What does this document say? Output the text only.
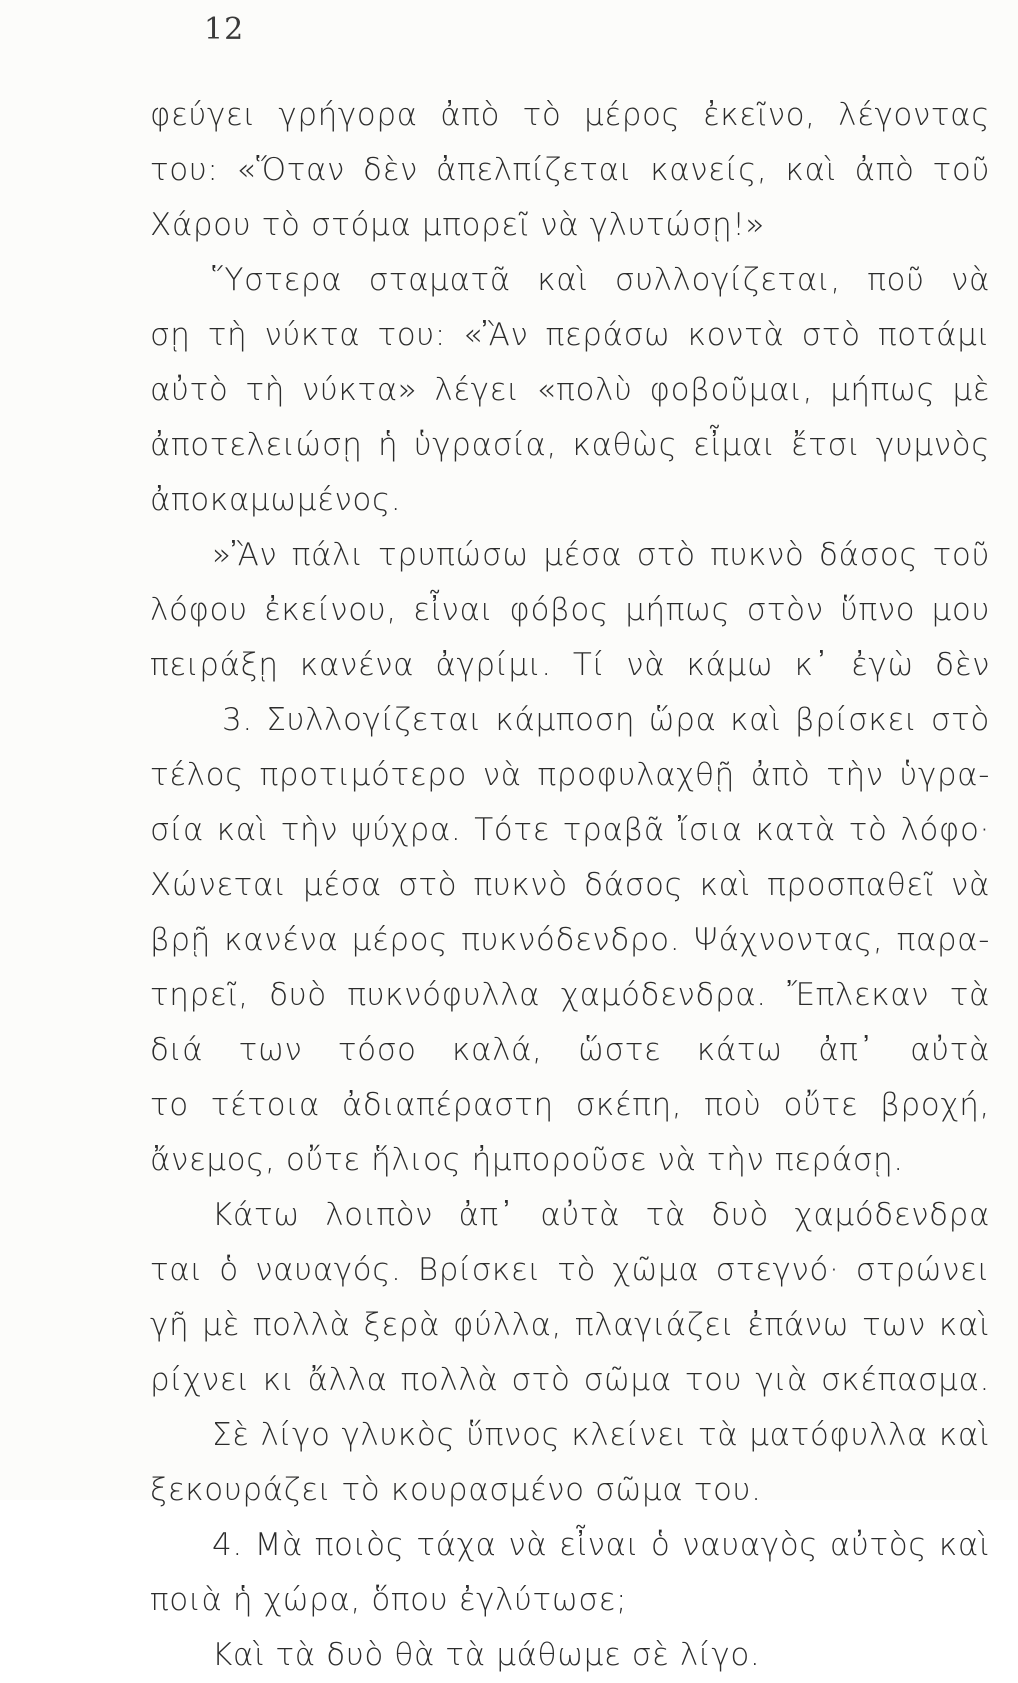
12
φεύγει γρήγορα ἀπὸ τὸ μέρος ἐκεῖνο, λέγοντας
του: «Ὅταν δὲν ἀπελπίζεται κανείς, καὶ ἀπὸ τοῦ
Χάρου τὸ στόμα μπορεῖ νὰ γλυτώσῃ!»
Ὕστερα σταματᾶ καὶ συλλογίζεται, ποῦ νὰ
σῃ τὴ νύκτα του: «Ἂν περάσω κοντὰ στὸ ποτάμι
αὐτὸ τὴ νύκτα» λέγει «πολὺ φοβοῦμαι, μήπως μὲ
ἀποτελειώσῃ ἡ ὑγρασία, καθὼς εἶμαι ἔτσι γυμνὸς
ἀποκαμωμένος.
»Ἂν πάλι τρυπώσω μέσα στὸ πυκνὸ δάσος τοῦ
λόφου ἐκείνου, εἶναι φόβος μήπως στὸν ὕπνο μου
πειράξῃ κανένα ἀγρίμι. Τί νὰ κάμω κ᾽ ἐγὼ δὲν
3. Συλλογίζεται κάμποση ὥρα καὶ βρίσκει στὸ
τέλος προτιμότερο νὰ προφυλαχθῇ ἀπὸ τὴν ὑγρα-
σία καὶ τὴν ψύχρα. Τότε τραβᾶ ἴσια κατὰ τὸ λόφο·
Χώνεται μέσα στὸ πυκνὸ δάσος καὶ προσπαθεῖ νὰ
βρῇ κανένα μέρος πυκνόδενδρο. Ψάχνοντας, παρα-
τηρεῖ, δυὸ πυκνόφυλλα χαμόδενδρα. Ἔπλεκαν τὰ
διά των τόσο καλά, ὥστε κάτω ἀπ᾽ αὐτὰ
το τέτοια ἀδιαπέραστη σκέπη, ποὺ οὔτε βροχή,
ἄνεμος, οὔτε ἥλιος ἠμποροῦσε νὰ τὴν περάσῃ.
Κάτω λοιπὸν ἀπ᾽ αὐτὰ τὰ δυὸ χαμόδενδρα
ται ὁ ναυαγός. Βρίσκει τὸ χῶμα στεγνό· στρώνει
γῆ μὲ πολλὰ ξερὰ φύλλα, πλαγιάζει ἐπάνω των καὶ
ρίχνει κι ἄλλα πολλὰ στὸ σῶμα του γιὰ σκέπασμα.
Σὲ λίγο γλυκὸς ὕπνος κλείνει τὰ ματόφυλλα καὶ
ξεκουράζει τὸ κουρασμένο σῶμα του.
4. Μὰ ποιὸς τάχα νὰ εἶναι ὁ ναυαγὸς αὐτὸς καὶ
ποιὰ ἡ χώρα, ὅπου ἐγλύτωσε;
Καὶ τὰ δυὸ θὰ τὰ μάθωμε σὲ λίγο.
